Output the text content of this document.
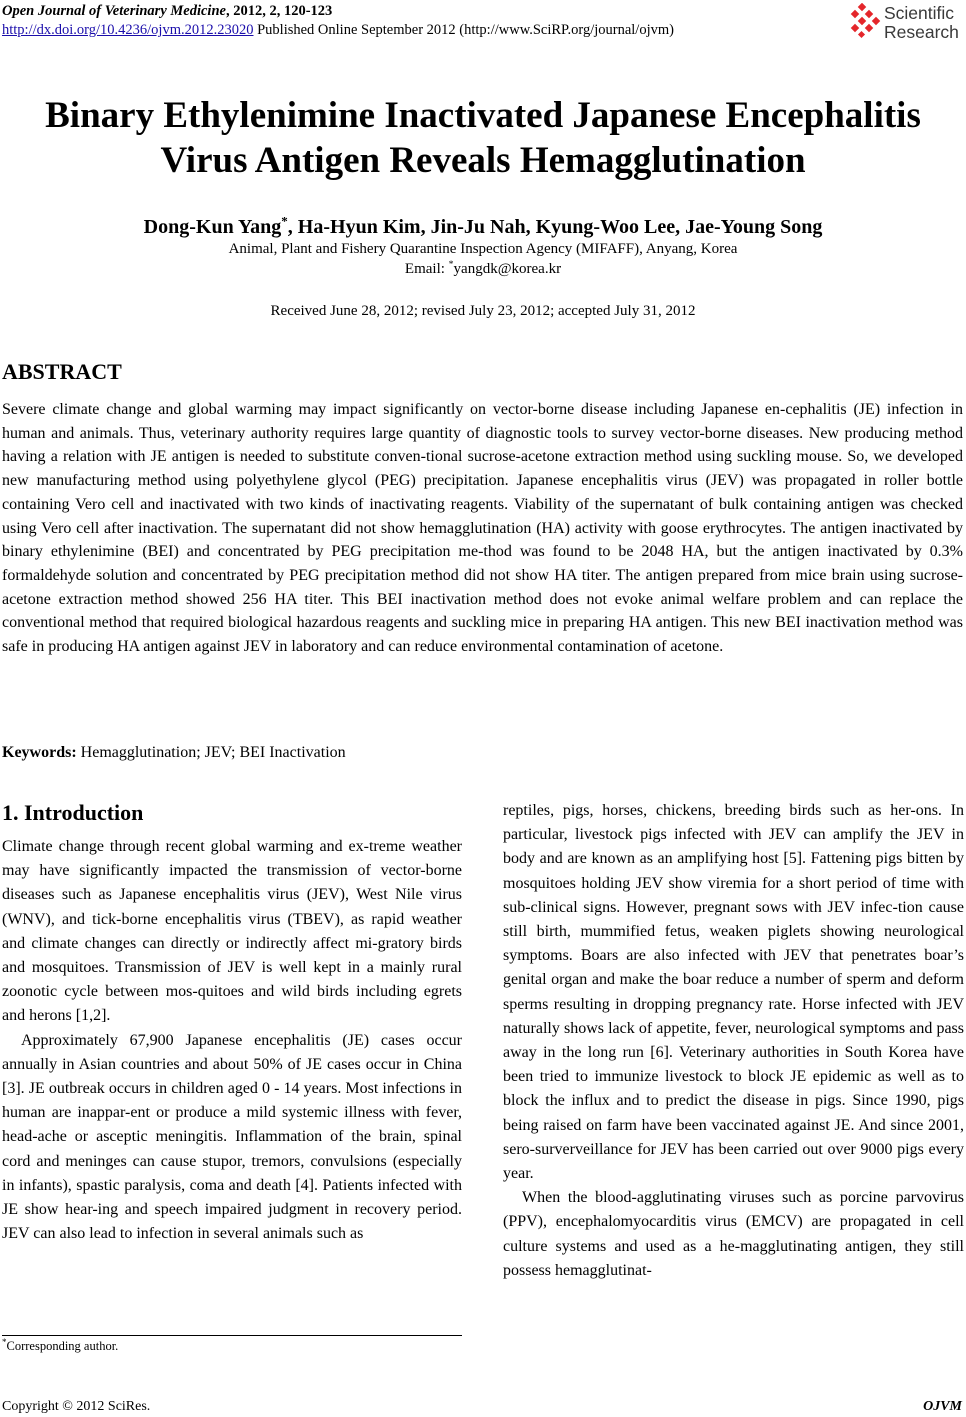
Open Journal of Veterinary Medicine, 2012, 2, 120-123
http://dx.doi.org/10.4236/ojvm.2012.23020 Published Online September 2012 (http://www.SciRP.org/journal/ojvm)
Scientific
Research
Binary Ethylenimine Inactivated Japanese Encephalitis
Virus Antigen Reveals Hemagglutination
Dong-Kun Yang*, Ha-Hyun Kim, Jin-Ju Nah, Kyung-Woo Lee, Jae-Young Song
Animal, Plant and Fishery Quarantine Inspection Agency (MIFAFF), Anyang, Korea
Email: *yangdk@korea.kr
Received June 28, 2012; revised July 23, 2012; accepted July 31, 2012
ABSTRACT

Severe climate change and global warming may impact significantly on vector-borne disease including Japanese en-cephalitis (JE) infection in human and animals. Thus, veterinary authority requires large quantity of diagnostic tools to survey vector-borne diseases. New producing method having a relation with JE antigen is needed to substitute conven-tional sucrose-acetone extraction method using suckling mouse. So, we developed new manufacturing method using polyethylene glycol (PEG) precipitation. Japanese encephalitis virus (JEV) was propagated in roller bottle containing Vero cell and inactivated with two kinds of inactivating reagents. Viability of the supernatant of bulk containing antigen was checked using Vero cell after inactivation. The supernatant did not show hemagglutination (HA) activity with goose erythrocytes. The antigen inactivated by binary ethylenimine (BEI) and concentrated by PEG precipitation me-thod was found to be 2048 HA, but the antigen inactivated by 0.3% formaldehyde solution and concentrated by PEG precipitation method did not show HA titer. The antigen prepared from mice brain using sucrose-acetone extraction method showed 256 HA titer. This BEI inactivation method does not evoke animal welfare problem and can replace the conventional method that required biological hazardous reagents and suckling mice in preparing HA antigen. This new BEI inactivation method was safe in producing HA antigen against JEV in laboratory and can reduce environmental contamination of acetone.

Keywords: Hemagglutination; JEV; BEI Inactivation
1. Introduction

Climate change through recent global warming and ex-treme weather may have significantly impacted the transmission of vector-borne diseases such as Japanese encephalitis virus (JEV), West Nile virus (WNV), and tick-borne encephalitis virus (TBEV), as rapid weather and climate changes can directly or indirectly affect mi-gratory birds and mosquitoes. Transmission of JEV is well kept in a mainly rural zoonotic cycle between mos-quitoes and wild birds including egrets and herons [1,2].

Approximately 67,900 Japanese encephalitis (JE) cases occur annually in Asian countries and about 50% of JE cases occur in China [3]. JE outbreak occurs in children aged 0 - 14 years. Most infections in human are inappar-ent or produce a mild systemic illness with fever, head-ache or asceptic meningitis. Inflammation of the brain, spinal cord and meninges can cause stupor, tremors, convulsions (especially in infants), spastic paralysis, coma and death [4]. Patients infected with JE show hear-ing and speech impaired judgment in recovery period. JEV can also lead to infection in several animals such as

reptiles, pigs, horses, chickens, breeding birds such as her-ons. In particular, livestock pigs infected with JEV can amplify the JEV in body and are known as an amplifying host [5]. Fattening pigs bitten by mosquitoes holding JEV show viremia for a short period of time with sub-clinical signs. However, pregnant sows with JEV infec-tion cause still birth, mummified fetus, weaken piglets showing neurological symptoms. Boars are also infected with JEV that penetrates boar’s genital organ and make the boar reduce a number of sperm and deform sperms resulting in dropping pregnancy rate. Horse infected with JEV naturally shows lack of appetite, fever, neurological symptoms and pass away in the long run [6]. Veterinary authorities in South Korea have been tried to immunize livestock to block JE epidemic as well as to block the influx and to predict the disease in pigs. Since 1990, pigs being raised on farm have been vaccinated against JE. And since 2001, sero-surverveillance for JEV has been carried out over 9000 pigs every year.

When the blood-agglutinating viruses such as porcine parvovirus (PPV), encephalomyocarditis virus (EMCV) are propagated in cell culture systems and used as a he-magglutinating antigen, they still possess hemagglutinat-

*Corresponding author.
Copyright © 2012 SciRes.	OJVM
